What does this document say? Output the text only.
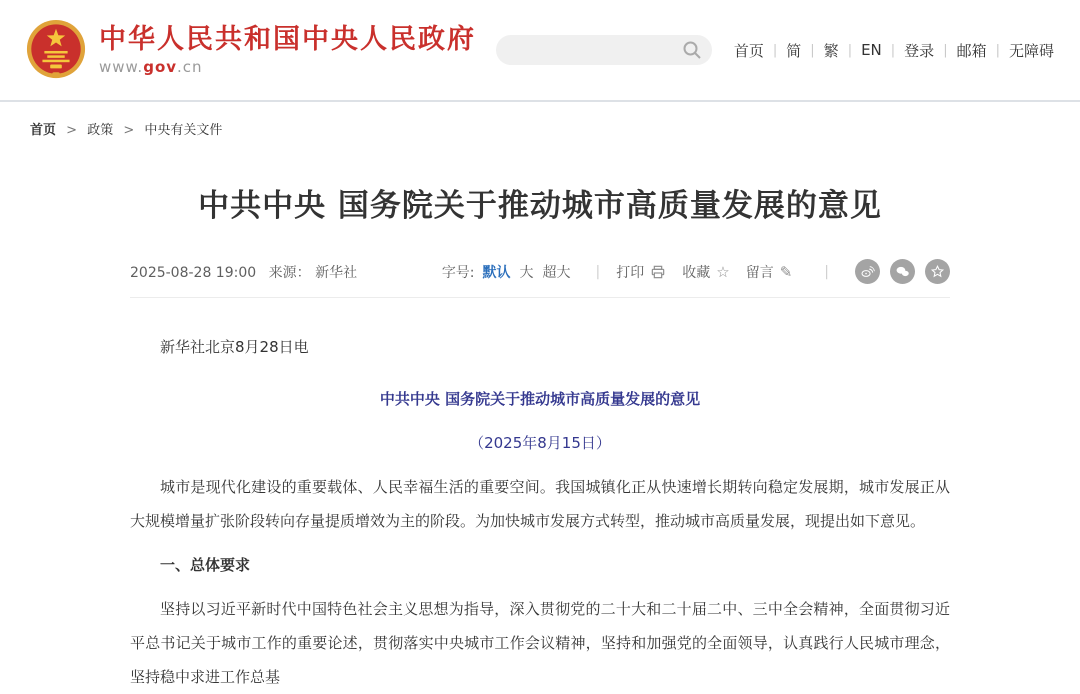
中华人民共和国中央人民政府
www.gov.cn
首页 | 简 | 繁 | EN | 登录 | 邮箱 | 无障碍
首页 > 政策 > 中央有关文件
中共中央 国务院关于推动城市高质量发展的意见
2025-08-28 19:00 来源： 新华社	字号: 默认 大 超大 | 打印	收藏 ☆ 留言 ✎ |

新华社北京8月28日电

中共中央 国务院关于推动城市高质量发展的意见

（2025年8月15日）

城市是现代化建设的重要载体、人民幸福生活的重要空间。我国城镇化正从快速增长期转向稳定发展期，城市发展正从大规模增量扩张阶段转向存量提质增效为主的阶段。为加快城市发展方式转型，推动城市高质量发展，现提出如下意见。

一、总体要求

坚持以习近平新时代中国特色社会主义思想为指导，深入贯彻党的二十大和二十届二中、三中全会精神，全面贯彻习近平总书记关于城市工作的重要论述，贯彻落实中央城市工作会议精神，坚持和加强党的全面领导，认真践行人民城市理念，坚持稳中求进工作总基
